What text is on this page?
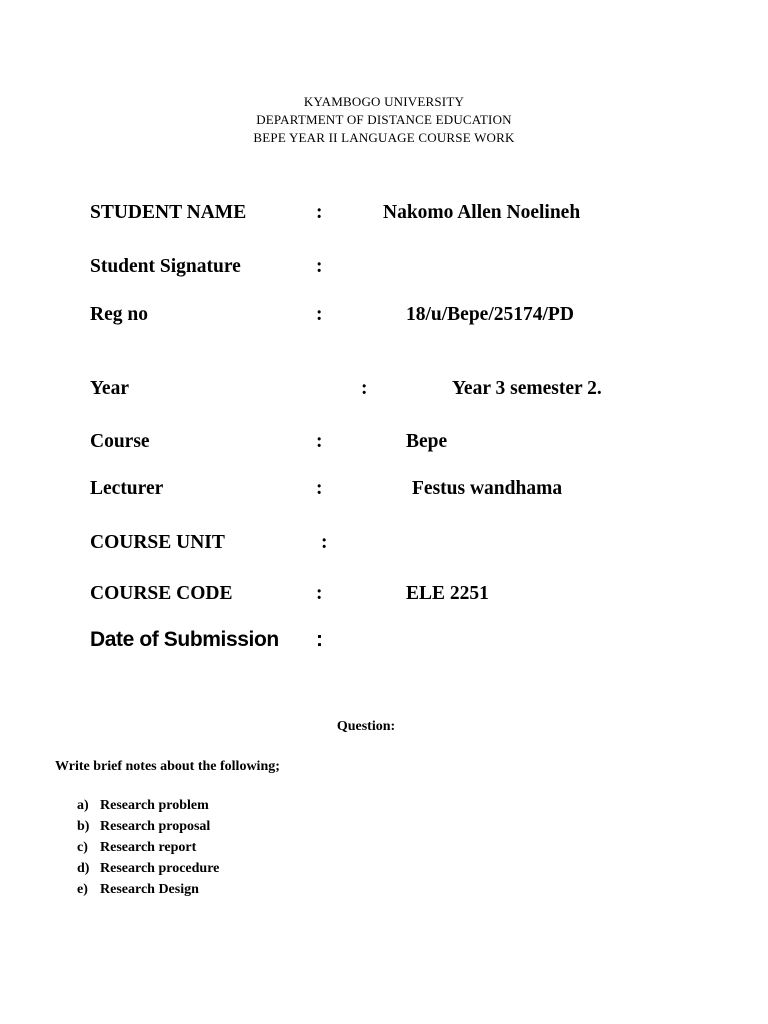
KYAMBOGO UNIVERSITY
DEPARTMENT OF DISTANCE EDUCATION
BEPE YEAR II LANGUAGE COURSE WORK
STUDENT NAME	:	Nakomo Allen Noelineh
Student Signature	:
Reg no	:	18/u/Bepe/25174/PD
Year	:	Year 3 semester 2.
Course	:	Bepe
Lecturer	:	Festus wandhama
COURSE UNIT	:
COURSE CODE	:	ELE 2251
Date of Submission :
Question:
Write brief notes about the following;
a) Research problem
b) Research proposal
c) Research report
d) Research procedure
e) Research Design
